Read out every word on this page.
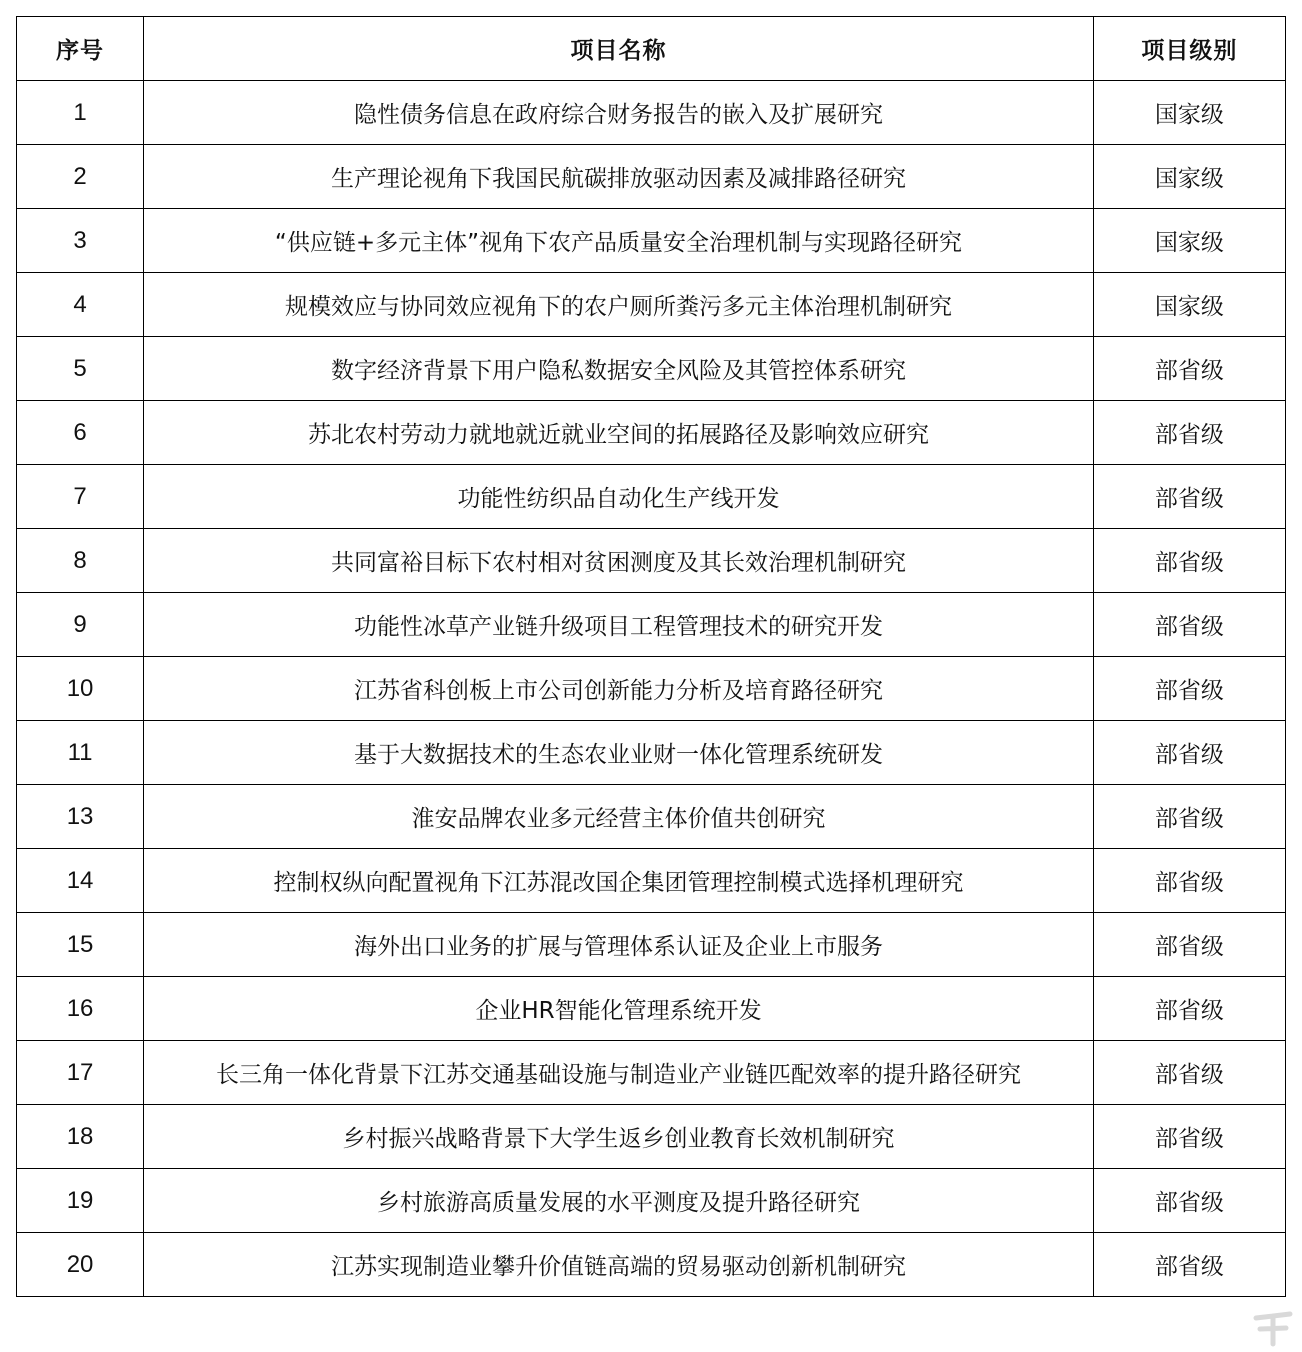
序号	项目名称	项目级别
1	隐性债务信息在政府综合财务报告的嵌入及扩展研究	国家级
2	生产理论视角下我国民航碳排放驱动因素及减排路径研究	国家级
3	“供应链+多元主体”视角下农产品质量安全治理机制与实现路径研究	国家级
4	规模效应与协同效应视角下的农户厕所粪污多元主体治理机制研究	国家级
5	数字经济背景下用户隐私数据安全风险及其管控体系研究	部省级
6	苏北农村劳动力就地就近就业空间的拓展路径及影响效应研究	部省级
7	功能性纺织品自动化生产线开发	部省级
8	共同富裕目标下农村相对贫困测度及其长效治理机制研究	部省级
9	功能性冰草产业链升级项目工程管理技术的研究开发	部省级
10	江苏省科创板上市公司创新能力分析及培育路径研究	部省级
11	基于大数据技术的生态农业业财一体化管理系统研发	部省级
13	淮安品牌农业多元经营主体价值共创研究	部省级
14	控制权纵向配置视角下江苏混改国企集团管理控制模式选择机理研究	部省级
15	海外出口业务的扩展与管理体系认证及企业上市服务	部省级
16	企业HR智能化管理系统开发	部省级
17	长三角一体化背景下江苏交通基础设施与制造业产业链匹配效率的提升路径研究	部省级
18	乡村振兴战略背景下大学生返乡创业教育长效机制研究	部省级
19	乡村旅游高质量发展的水平测度及提升路径研究	部省级
20	江苏实现制造业攀升价值链高端的贸易驱动创新机制研究	部省级
